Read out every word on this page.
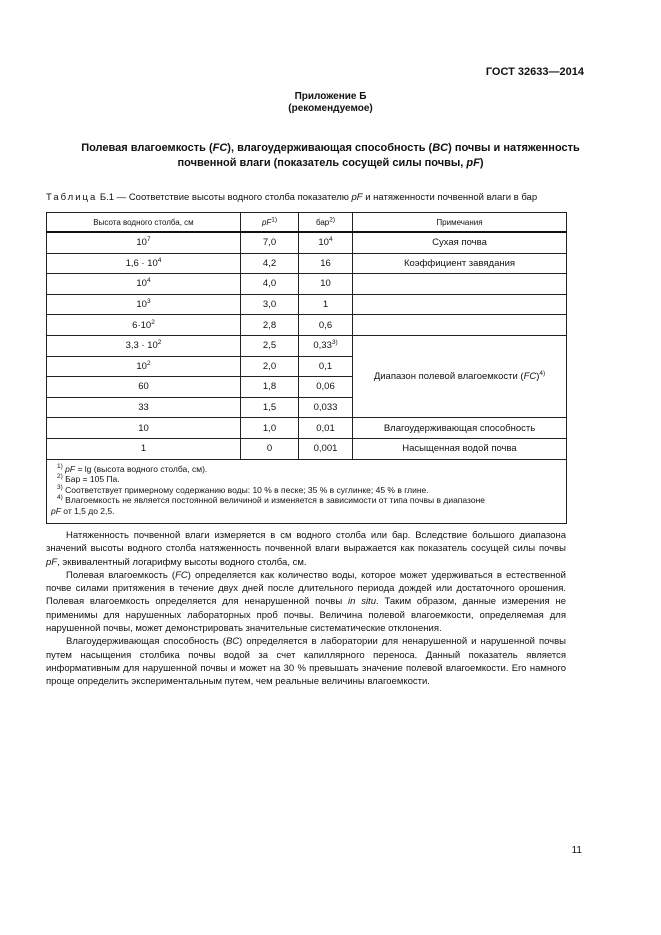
ГОСТ 32633—2014
Приложение Б
(рекомендуемое)
Полевая влагоемкость (FC), влагоудерживающая способность (BC) почвы и натяженность почвенной влаги (показатель сосущей силы почвы, pF)
Таблица Б.1 — Соответствие высоты водного столба показателю pF и натяженности почвенной влаги в бар
Высота водного столба, см	$pF^{1)}$	бар$^{2)}$	Примечания
$10^7$	7,0	$10^4$	Сухая почва
$1,6 \cdot 10^4$	4,2	16	Коэффициент завядания
$10^4$	4,0	10	
$10^3$	3,0	1	
$6\cdot 10^2$	2,8	0,6	
$3,3 \cdot 10^2$	2,5	0,33$^{3)}$	Диапазон полевой влагоемкости (FC)$^{4)}$
$10^2$	2,0	0,1	
60	1,8	0,06	
33	1,5	0,033	
10	1,0	0,01	Влагоудерживающая способность
1	0	0,001	Насыщенная водой почва

$^{1)}$ pF = lg (высота водного столба, см).
$^{2)}$ Бар = 105 Па.
$^{3)}$ Соответствует примерному содержанию воды: 10 % в песке; 35 % в суглинке; 45 % в глине.
$^{4)}$ Влагоемкость не является постоянной величиной и изменяется в зависимости от типа почвы в диапазоне
pF от 1,5 до 2,5.			

Натяженность почвенной влаги измеряется в см водного столба или бар. Вследствие большого диапазона значений высоты водного столба натяженность почвенной влаги выражается как показатель сосущей силы почвы pF, эквивалентный логарифму высоты водного столба, см.

Полевая влагоемкость (FC) определяется как количество воды, которое может удерживаться в естественной почве силами притяжения в течение двух дней после длительного периода дождей или достаточного орошения. Полевая влагоемкость определяется для ненарушенной почвы in situ. Таким образом, данные измерения не применимы для нарушенных лабораторных проб почвы. Величина полевой влагоемкости, определяемая для нарушенной почвы, может демонстрировать значительные систематические отклонения.

Влагоудерживающая способность (BC) определяется в лаборатории для ненарушенной и нарушенной почвы путем насыщения столбика почвы водой за счет капиллярного переноса. Данный показатель является информативным для нарушенной почвы и может на 30 % превышать значение полевой влагоемкости. Его намного проще определить экспериментальным путем, чем реальные величины влагоемкости.

11
